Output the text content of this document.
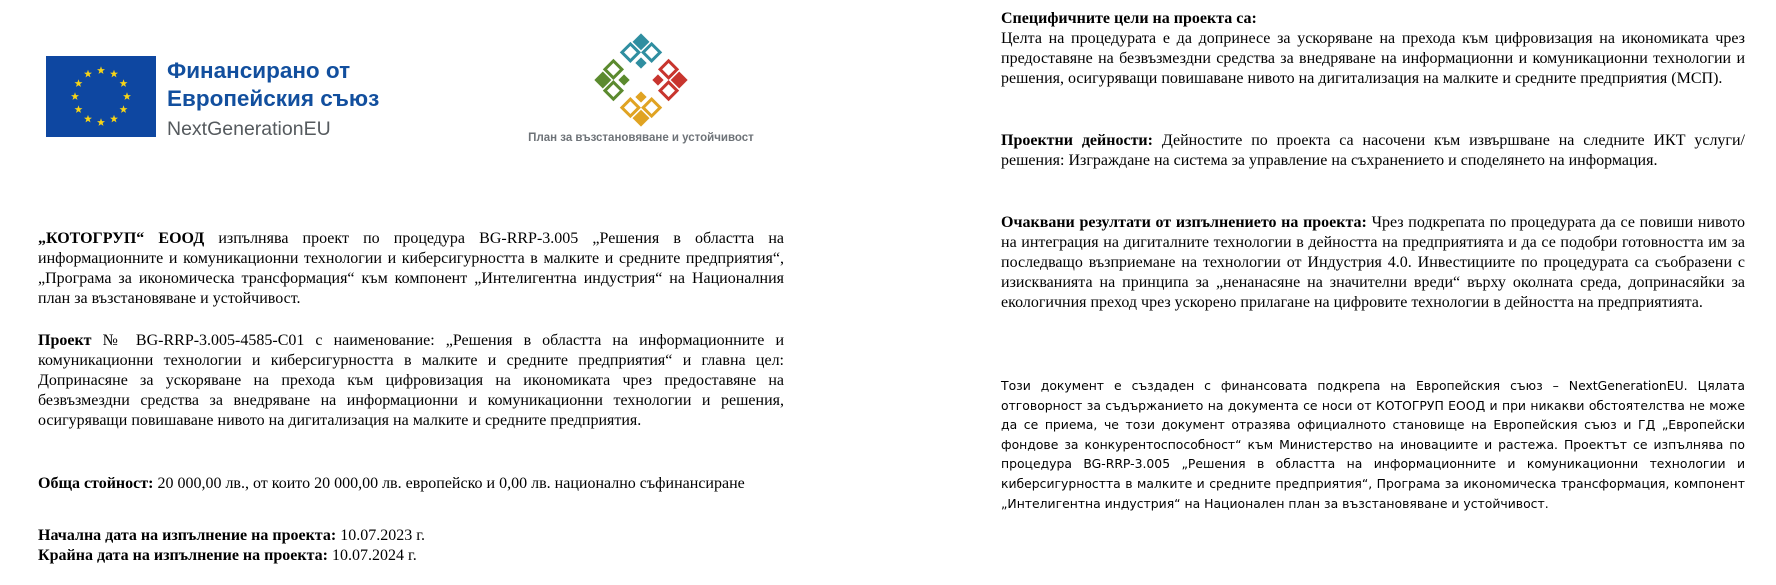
Финансирано от
Европейския съюз
NextGenerationEU	План за възстановяване и устойчивост
„КОТОГРУП“ ЕООД изпълнява проект по процедура BG-RRP-3.005 „Решения в областта на информационните и комуникационни технологии и киберсигурността в малките и средните предприятия“, „Програма за икономическа трансформация“ към компонент „Интелигентна индустрия“ на Националния план за възстановяване и устойчивост.
Проект № BG-RRP-3.005-4585-C01 с наименование: „Решения в областта на информационните и комуникационни технологии и киберсигурността в малките и средните предприятия“ и главна цел: Допринасяне за ускоряване на прехода към цифровизация на икономиката чрез предоставяне на безвъзмездни средства за внедряване на информационни и комуникационни технологии и решения, осигуряващи повишаване нивото на дигитализация на малките и средните предприятия.
Обща стойност: 20 000,00 лв., от които 20 000,00 лв. европейско и 0,00 лв. национално съфинансиране
Начална дата на изпълнение на проекта: 10.07.2023 г.
Крайна дата на изпълнение на проекта: 10.07.2024 г.
Специфичните цели на проекта са:
Целта на процедурата е да допринесе за ускоряване на прехода към цифровизация на икономиката чрез предоставяне на безвъзмездни средства за внедряване на информационни и комуникационни технологии и решения, осигуряващи повишаване нивото на дигитализация на малките и средните предприятия (МСП).
Проектни дейности: Дейностите по проекта са насочени към извършване на следните ИКТ услуги/решения: Изграждане на система за управление на съхранението и споделянето на информация.
Очаквани резултати от изпълнението на проекта: Чрез подкрепата по процедурата да се повиши нивото на интеграция на дигиталните технологии в дейността на предприятията и да се подобри готовността им за последващо възприемане на технологии от Индустрия 4.0. Инвестициите по процедурата са съобразени с изискванията на принципа за „ненанасяне на значителни вреди“ върху околната среда, допринасяйки за екологичния преход чрез ускорено прилагане на цифровите технологии в дейността на предприятията.
Този документ е създаден с финансовата подкрепа на Европейския съюз – NextGenerationEU. Цялата отговорност за съдържанието на документа се носи от КОТОГРУП ЕООД и при никакви обстоятелства не може да се приема, че този документ отразява официалното становище на Европейския съюз и ГД „Европейски фондове за конкурентоспособност“ към Министерство на иновациите и растежа. Проектът се изпълнява по процедура BG-RRP-3.005 „Решения в областта на информационните и комуникационни технологии и киберсигурността в малките и средните предприятия“, Програма за икономическа трансформация, компонент „Интелигентна индустрия“ на Национален план за възстановяване и устойчивост.
